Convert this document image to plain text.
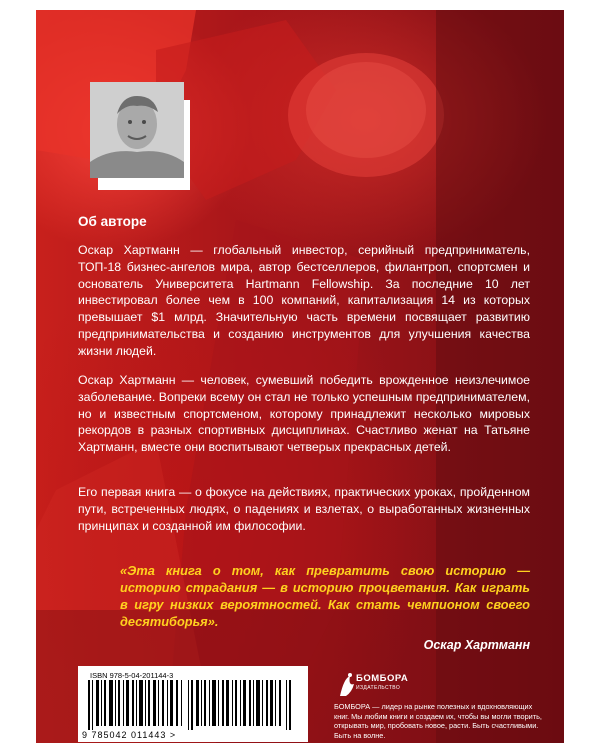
Об авторе

Оскар Хартманн — глобальный инвестор, серийный предприниматель, ТОП-18 бизнес-ангелов мира, автор бестселлеров, филантроп, спортсмен и основатель Университета Hartmann Fellowship. За последние 10 лет инвестировал более чем в 100 компаний, капитализация 14 из которых превышает $1 млрд. Значительную часть времени посвящает развитию предпринимательства и созданию инструментов для улучшения качества жизни людей.

Оскар Хартманн — человек, сумевший победить врожденное неизлечимое заболевание. Вопреки всему он стал не только успешным предпринимателем, но и известным спортсменом, которому принадлежит несколько мировых рекордов в разных спортивных дисциплинах. Счастливо женат на Татьяне Хартманн, вместе они воспитывают четверых прекрасных детей.

Его первая книга — о фокусе на действиях, практических уроках, пройденном пути, встреченных людях, о падениях и взлетах, о выработанных жизненных принципах и созданной им философии.

«Эта книга о том, как превратить свою историю — историю страдания — в историю процветания. Как играть в игру низких вероятностей. Как стать чемпионом своего десятиборья».

Оскар Хартманн
ISBN 978-5-04-201144-3
9 785042 011443 >
БОМБОРА
ИЗДАТЕЛЬСТВО

БОМБОРА — лидер на рынке полезных и вдохновляющих книг. Мы любим книги и создаем их, чтобы вы могли творить, открывать мир, пробовать новое, расти. Быть счастливыми. Быть на волне.
